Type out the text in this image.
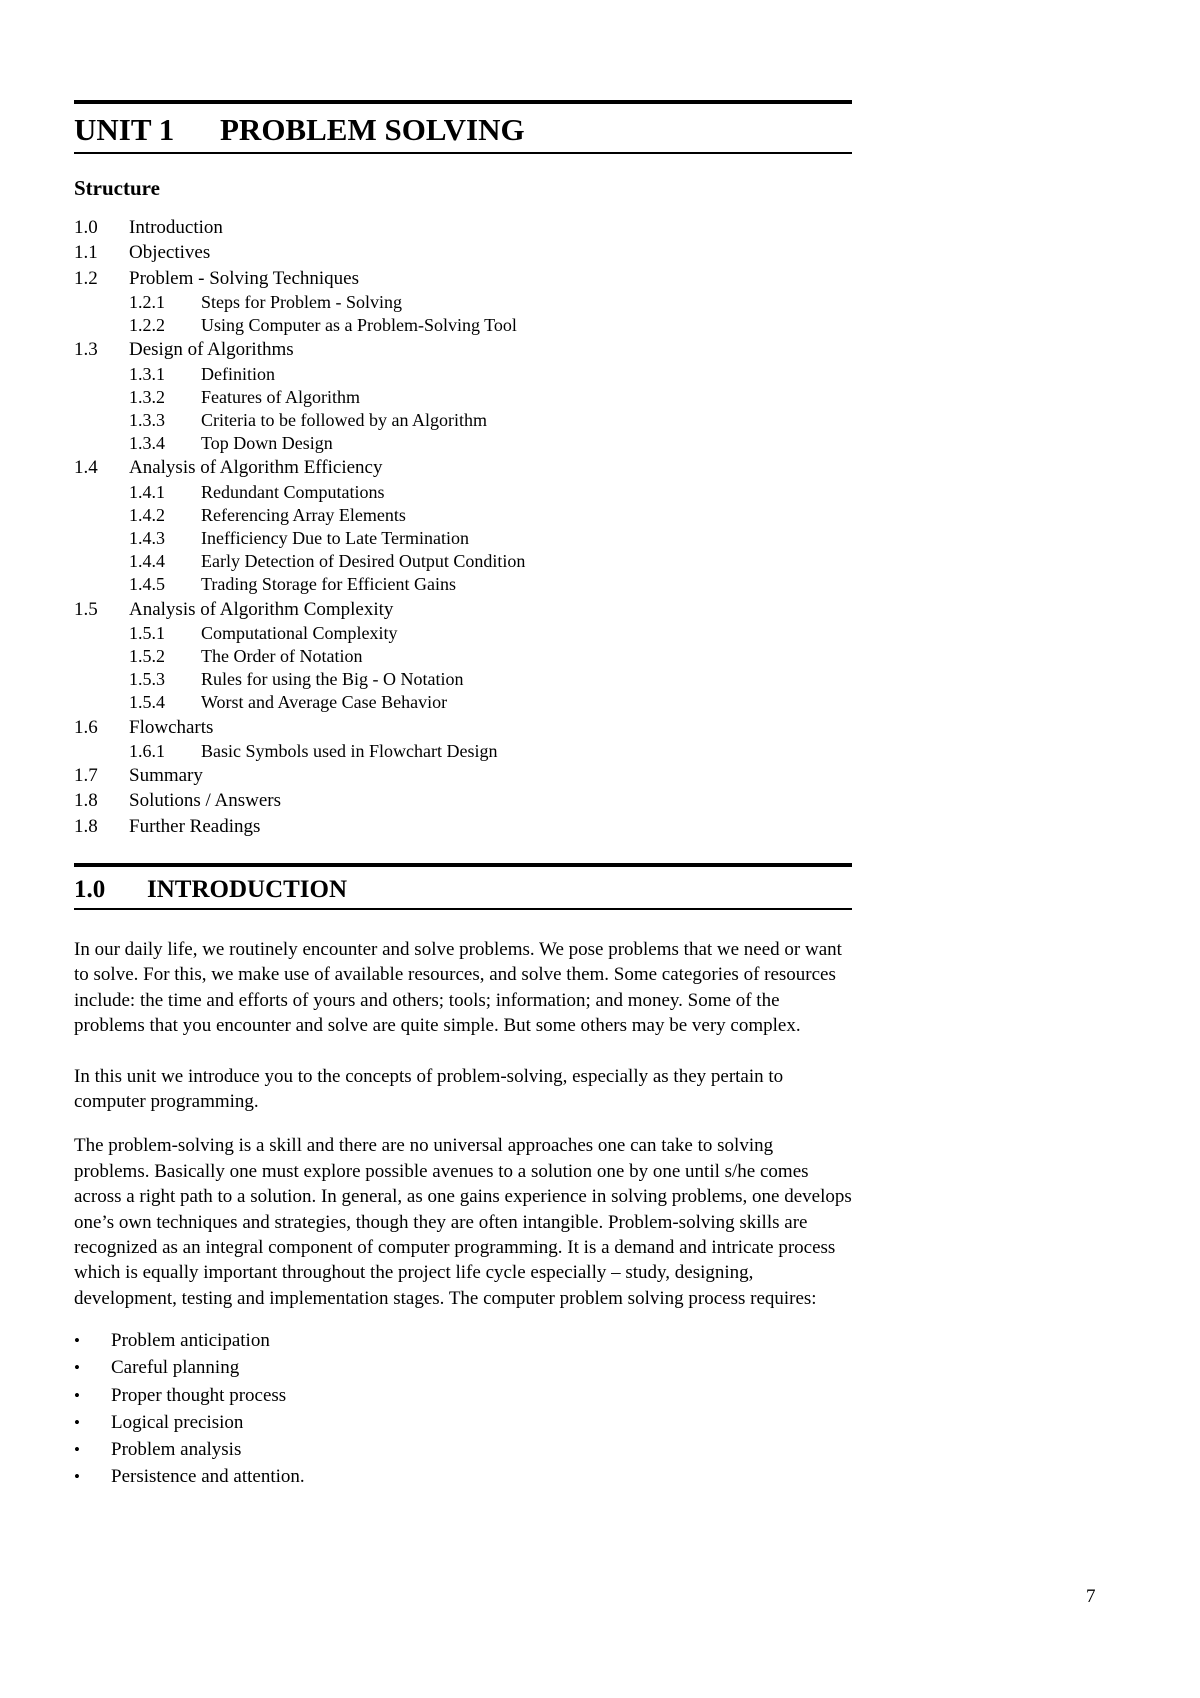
UNIT 1 PROBLEM SOLVING
Structure
1.0 Introduction
1.1 Objectives
1.2 Problem - Solving Techniques
1.2.1 Steps for Problem - Solving
1.2.2 Using Computer as a Problem-Solving Tool
1.3 Design of Algorithms
1.3.1 Definition
1.3.2 Features of Algorithm
1.3.3 Criteria to be followed by an Algorithm
1.3.4 Top Down Design
1.4 Analysis of Algorithm Efficiency
1.4.1 Redundant Computations
1.4.2 Referencing Array Elements
1.4.3 Inefficiency Due to Late Termination
1.4.4 Early Detection of Desired Output Condition
1.4.5 Trading Storage for Efficient Gains
1.5 Analysis of Algorithm Complexity
1.5.1 Computational Complexity
1.5.2 The Order of Notation
1.5.3 Rules for using the Big - O Notation
1.5.4 Worst and Average Case Behavior
1.6 Flowcharts
1.6.1 Basic Symbols used in Flowchart Design
1.7 Summary
1.8 Solutions / Answers
1.8 Further Readings
1.0 INTRODUCTION

In our daily life, we routinely encounter and solve problems. We pose problems that we need or want to solve. For this, we make use of available resources, and solve them. Some categories of resources include: the time and efforts of yours and others; tools; information; and money. Some of the problems that you encounter and solve are quite simple. But some others may be very complex.

In this unit we introduce you to the concepts of problem-solving, especially as they pertain to computer programming.

The problem-solving is a skill and there are no universal approaches one can take to solving problems. Basically one must explore possible avenues to a solution one by one until s/he comes across a right path to a solution. In general, as one gains experience in solving problems, one develops one’s own techniques and strategies, though they are often intangible. Problem-solving skills are recognized as an integral component of computer programming. It is a demand and intricate process which is equally important throughout the project life cycle especially – study, designing, development, testing and implementation stages. The computer problem solving process requires:

• Problem anticipation
• Careful planning
• Proper thought process
• Logical precision
• Problem analysis
• Persistence and attention.
7
